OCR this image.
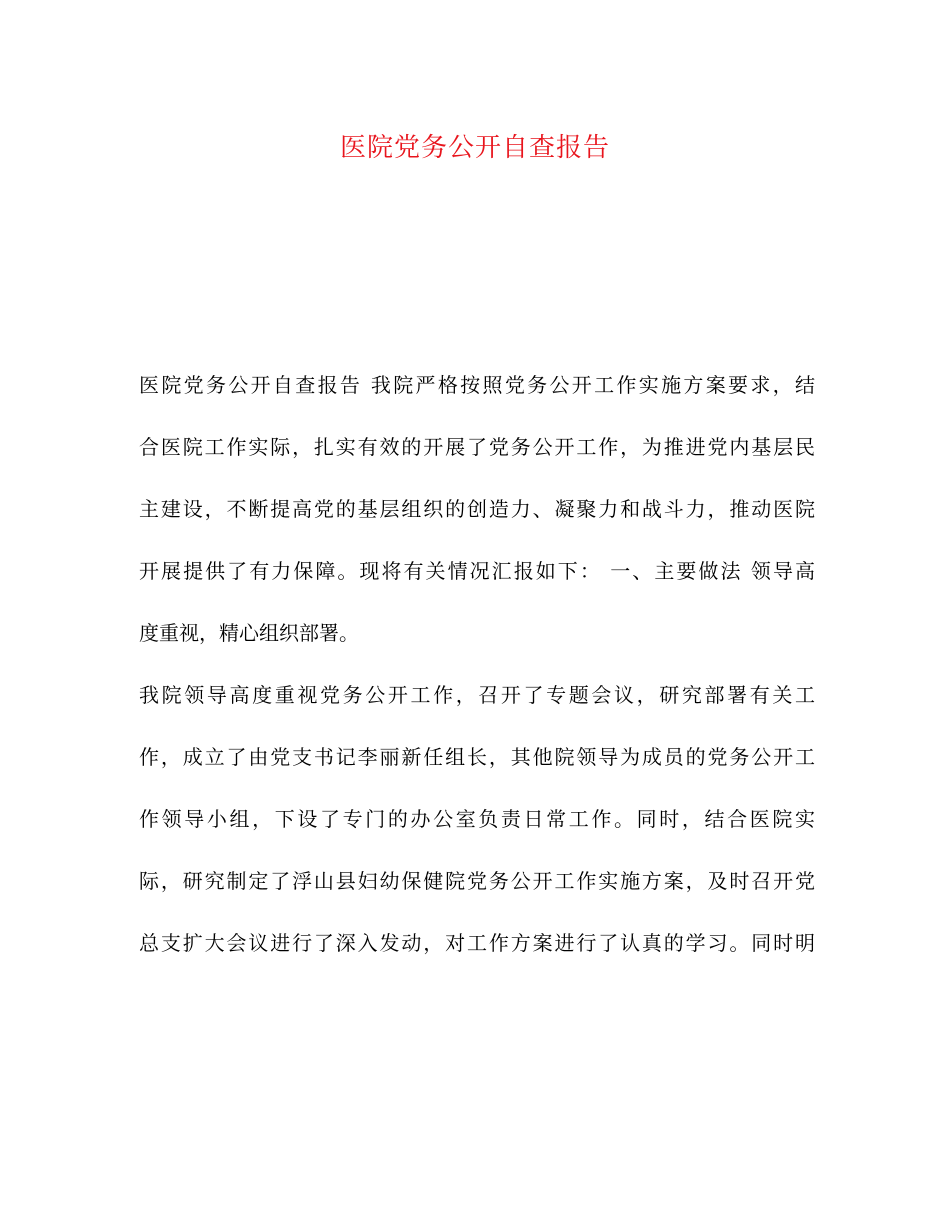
医院党务公开自查报告

医院党务公开自查报告 我院严格按照党务公开工作实施方案要求，结
合医院工作实际，扎实有效的开展了党务公开工作，为推进党内基层民
主建设，不断提高党的基层组织的创造力、凝聚力和战斗力，推动医院
开展提供了有力保障。现将有关情况汇报如下： 一、主要做法 领导高
度重视，精心组织部署。

我院领导高度重视党务公开工作，召开了专题会议，研究部署有关工
作，成立了由党支书记李丽新任组长，其他院领导为成员的党务公开工
作领导小组，下设了专门的办公室负责日常工作。同时，结合医院实
际，研究制定了浮山县妇幼保健院党务公开工作实施方案，及时召开党
总支扩大会议进行了深入发动，对工作方案进行了认真的学习。同时明
